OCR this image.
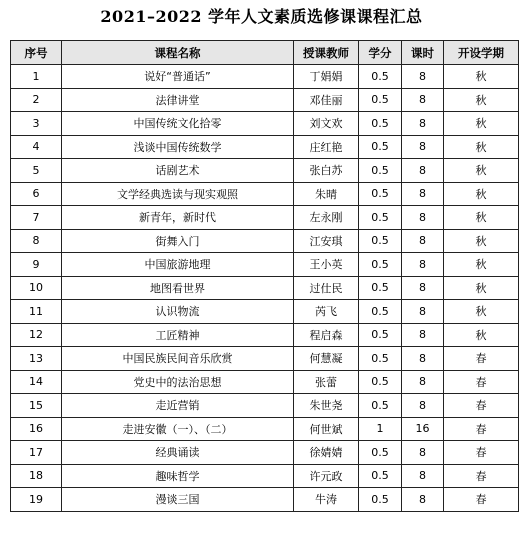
2021–2022 学年人文素质选修课课程汇总
序号	课程名称	授课教师	学分	课时	开设学期
1	说好“普通话”	丁娟娟	0.5	8	秋
2	法律讲堂	邓佳丽	0.5	8	秋
3	中国传统文化拾零	刘文欢	0.5	8	秋
4	浅谈中国传统数学	庄红艳	0.5	8	秋
5	话剧艺术	张白苏	0.5	8	秋
6	文学经典选读与现实观照	朱晴	0.5	8	秋
7	新青年，新时代	左永刚	0.5	8	秋
8	街舞入门	江安琪	0.5	8	秋
9	中国旅游地理	王小英	0.5	8	秋
10	地图看世界	过仕民	0.5	8	秋
11	认识物流	芮飞	0.5	8	秋
12	工匠精神	程启森	0.5	8	秋
13	中国民族民间音乐欣赏	何慧凝	0.5	8	春
14	党史中的法治思想	张蕾	0.5	8	春
15	走近营销	朱世尧	0.5	8	春
16	走进安徽（一）、（二）	何世斌	1	16	春
17	经典诵读	徐婧婧	0.5	8	春
18	趣味哲学	许元政	0.5	8	春
19	漫谈三国	牛涛	0.5	8	春
